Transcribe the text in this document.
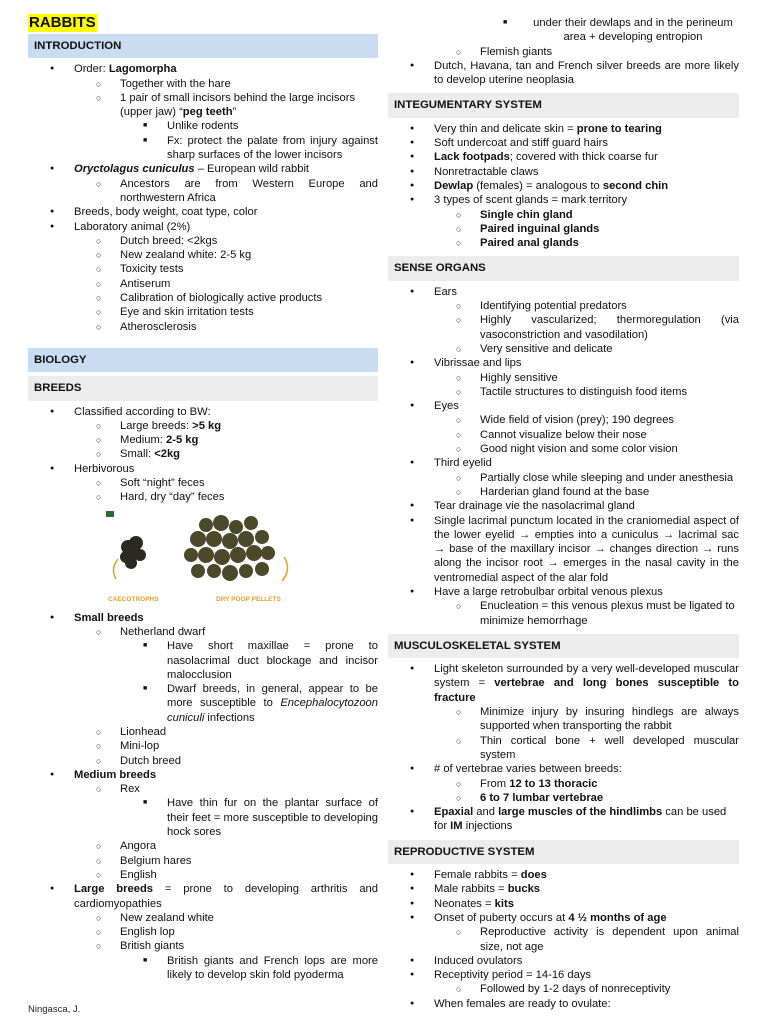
RABBITS
INTRODUCTION
● Order: Lagomorpha
○ Together with the hare
○ 1 pair of small incisors behind the large incisors (upper jaw) “peg teeth”
■ Unlike rodents
■ Fx: protect the palate from injury against sharp surfaces of the lower incisors
● Oryctolagus cuniculus – European wild rabbit
○ Ancestors are from Western Europe and northwestern Africa
● Breeds, body weight, coat type, color
● Laboratory animal (2%)
○ Dutch breed: <2kgs
○ New zealand white: 2-5 kg
○ Toxicity tests
○ Antiserum
○ Calibration of biologically active products
○ Eye and skin irritation tests
○ Atherosclerosis
BIOLOGY
BREEDS
● Classified according to BW:
○ Large breeds: >5 kg
○ Medium: 2-5 kg
○ Small: <2kg
● Herbivorous
○ Soft “night” feces
○ Hard, dry “day” feces
CAECOTROPHS	DRY POOP PELLETS
● Small breeds
○ Netherland dwarf
■ Have short maxillae = prone to nasolacrimal duct blockage and incisor malocclusion
■ Dwarf breeds, in general, appear to be more susceptible to Encephalocytozoon cuniculi infections
○ Lionhead
○ Mini-lop
○ Dutch breed
● Medium breeds
○ Rex
■ Have thin fur on the plantar surface of their feet = more susceptible to developing hock sores
○ Angora
○ Belgium hares
○ English
● Large breeds = prone to developing arthritis and cardiomyopathies
○ New zealand white
○ English lop
○ British giants
■ British giants and French lops are more likely to develop skin fold pyoderma
■ under their dewlaps and in the perineum area + developing entropion
○ Flemish giants
● Dutch, Havana, tan and French silver breeds are more likely to develop uterine neoplasia
INTEGUMENTARY SYSTEM
● Very thin and delicate skin = prone to tearing
● Soft undercoat and stiff guard hairs
● Lack footpads; covered with thick coarse fur
● Nonretractable claws
● Dewlap (females) = analogous to second chin
● 3 types of scent glands = mark territory
○ Single chin gland
○ Paired inguinal glands
○ Paired anal glands
SENSE ORGANS
● Ears
○ Identifying potential predators
○ Highly vascularized; thermoregulation (via vasoconstriction and vasodilation)
○ Very sensitive and delicate
● Vibrissae and lips
○ Highly sensitive
○ Tactile structures to distinguish food items
● Eyes
○ Wide field of vision (prey); 190 degrees
○ Cannot visualize below their nose
○ Good night vision and some color vision
● Third eyelid
○ Partially close while sleeping and under anesthesia
○ Harderian gland found at the base
● Tear drainage vie the nasolacrimal gland
● Single lacrimal punctum located in the craniomedial aspect of the lower eyelid → empties into a cuniculus → lacrimal sac → base of the maxillary incisor → changes direction → runs along the incisor root → emerges in the nasal cavity in the ventromedial aspect of the alar fold
● Have a large retrobulbar orbital venous plexus
○ Enucleation = this venous plexus must be ligated to minimize hemorrhage
MUSCULOSKELETAL SYSTEM
● Light skeleton surrounded by a very well-developed muscular system = vertebrae and long bones susceptible to fracture
○ Minimize injury by insuring hindlegs are always supported when transporting the rabbit
○ Thin cortical bone + well developed muscular system
● # of vertebrae varies between breeds:
○ From 12 to 13 thoracic
○ 6 to 7 lumbar vertebrae
● Epaxial and large muscles of the hindlimbs can be used for IM injections
REPRODUCTIVE SYSTEM
● Female rabbits = does
● Male rabbits = bucks
● Neonates = kits
● Onset of puberty occurs at 4 ½ months of age
○ Reproductive activity is dependent upon animal size, not age
● Induced ovulators
● Receptivity period = 14-16 days
○ Followed by 1-2 days of nonreceptivity
● When females are ready to ovulate:
Ningasca, J.
